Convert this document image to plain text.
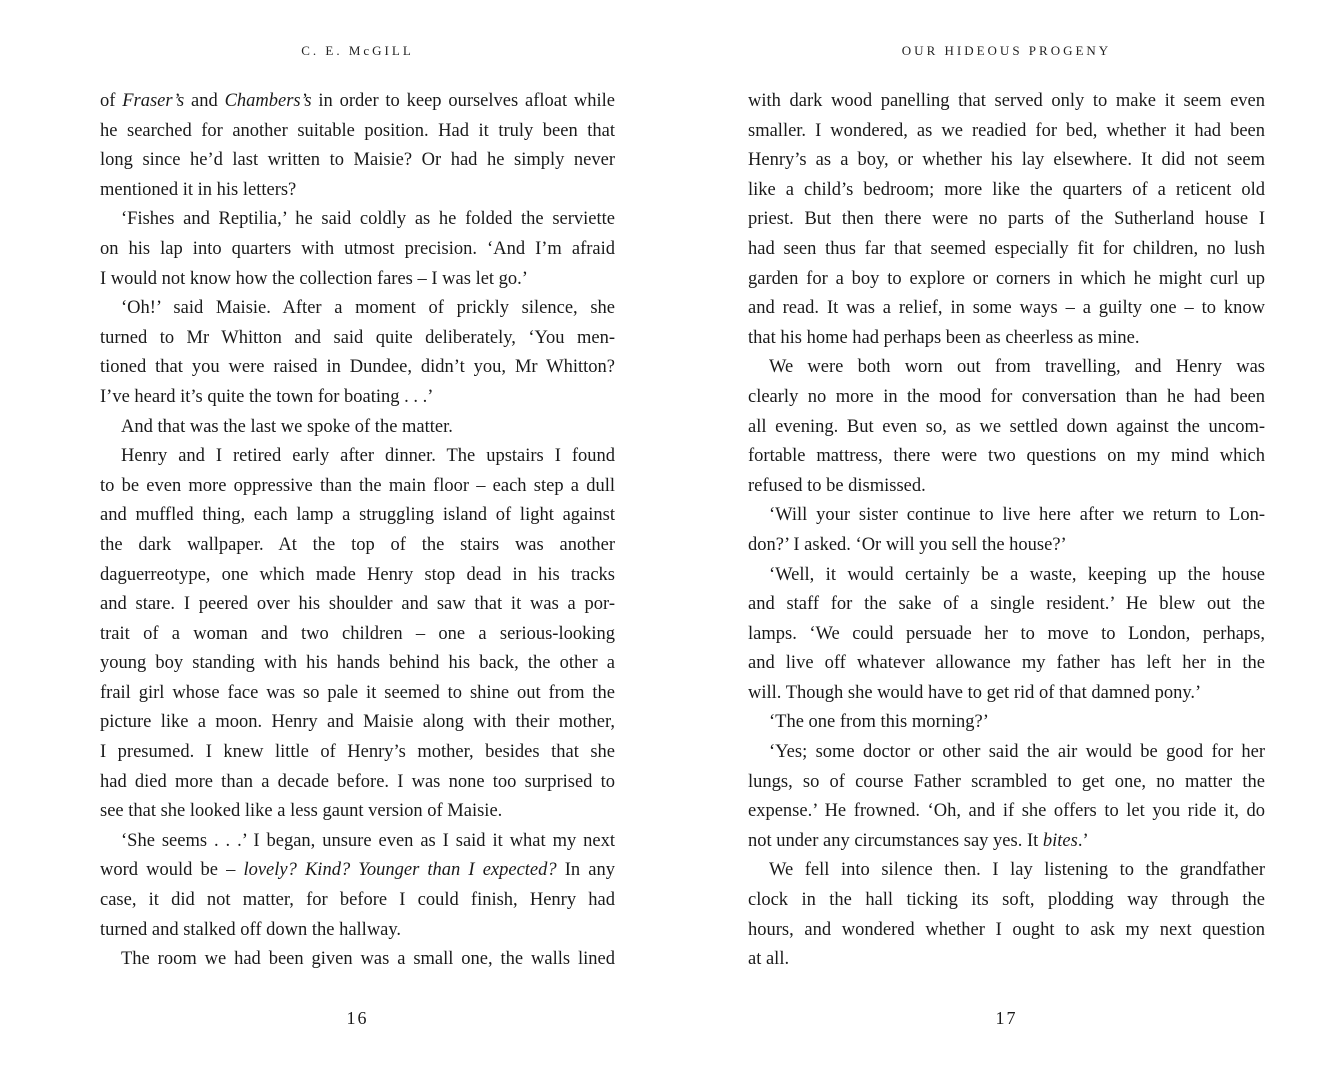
C. E. McGILL
of Fraser’s and Chambers’s in order to keep ourselves afloat while
he searched for another suitable position. Had it truly been that
long since he’d last written to Maisie? Or had he simply never
mentioned it in his letters?
‘Fishes and Reptilia,’ he said coldly as he folded the serviette
on his lap into quarters with utmost precision. ‘And I’m afraid
I would not know how the collection fares – I was let go.’
‘Oh!’ said Maisie. After a moment of prickly silence, she
turned to Mr Whitton and said quite deliberately, ‘You men-
tioned that you were raised in Dundee, didn’t you, Mr Whitton?
I’ve heard it’s quite the town for boating . . .’
And that was the last we spoke of the matter.
Henry and I retired early after dinner. The upstairs I found
to be even more oppressive than the main floor – each step a dull
and muffled thing, each lamp a struggling island of light against
the dark wallpaper. At the top of the stairs was another
daguerreotype, one which made Henry stop dead in his tracks
and stare. I peered over his shoulder and saw that it was a por-
trait of a woman and two children – one a serious-looking
young boy standing with his hands behind his back, the other a
frail girl whose face was so pale it seemed to shine out from the
picture like a moon. Henry and Maisie along with their mother,
I presumed. I knew little of Henry’s mother, besides that she
had died more than a decade before. I was none too surprised to
see that she looked like a less gaunt version of Maisie.
‘She seems . . .’ I began, unsure even as I said it what my next
word would be – lovely? Kind? Younger than I expected? In any
case, it did not matter, for before I could finish, Henry had
turned and stalked off down the hallway.
The room we had been given was a small one, the walls lined
16
OUR HIDEOUS PROGENY
with dark wood panelling that served only to make it seem even
smaller. I wondered, as we readied for bed, whether it had been
Henry’s as a boy, or whether his lay elsewhere. It did not seem
like a child’s bedroom; more like the quarters of a reticent old
priest. But then there were no parts of the Sutherland house I
had seen thus far that seemed especially fit for children, no lush
garden for a boy to explore or corners in which he might curl up
and read. It was a relief, in some ways – a guilty one – to know
that his home had perhaps been as cheerless as mine.
We were both worn out from travelling, and Henry was
clearly no more in the mood for conversation than he had been
all evening. But even so, as we settled down against the uncom-
fortable mattress, there were two questions on my mind which
refused to be dismissed.
‘Will your sister continue to live here after we return to Lon-
don?’ I asked. ‘Or will you sell the house?’
‘Well, it would certainly be a waste, keeping up the house
and staff for the sake of a single resident.’ He blew out the
lamps. ‘We could persuade her to move to London, perhaps,
and live off whatever allowance my father has left her in the
will. Though she would have to get rid of that damned pony.’
‘The one from this morning?’
‘Yes; some doctor or other said the air would be good for her
lungs, so of course Father scrambled to get one, no matter the
expense.’ He frowned. ‘Oh, and if she offers to let you ride it, do
not under any circumstances say yes. It bites.’
We fell into silence then. I lay listening to the grandfather
clock in the hall ticking its soft, plodding way through the
hours, and wondered whether I ought to ask my next question
at all.
17
